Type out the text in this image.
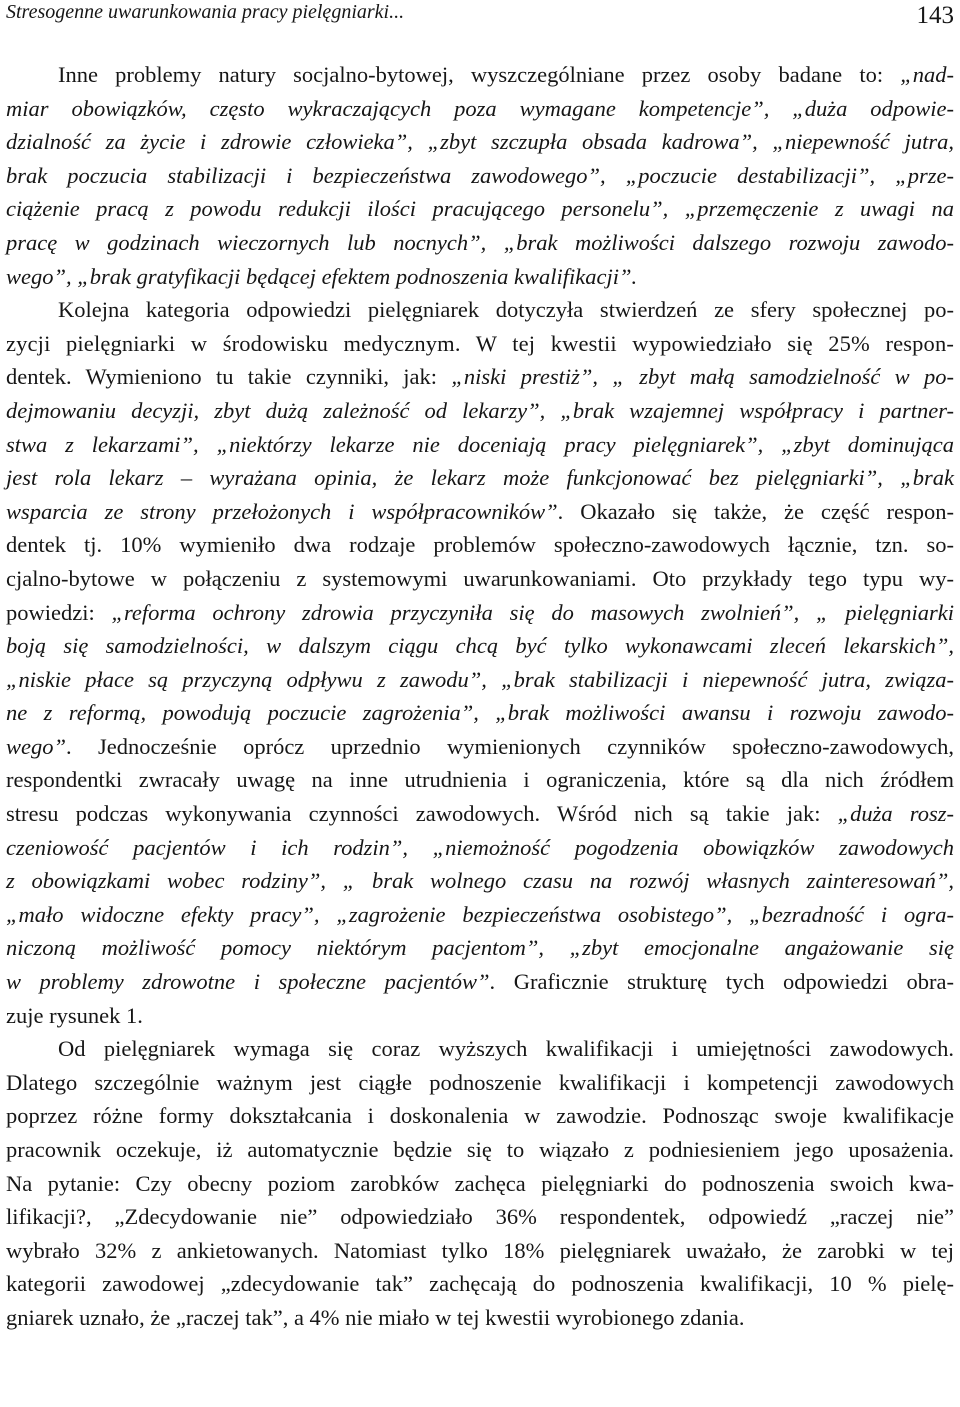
Stresogenne uwarunkowania pracy pielęgniarki...	143
Inne problemy natury socjalno-bytowej, wyszczególniane przez osoby badane to: „nad-
miar obowiązków, często wykraczających poza wymagane kompetencje”, „duża odpowie-
dzialność za życie i zdrowie człowieka”, „zbyt szczupła obsada kadrowa”, „niepewność jutra,
brak poczucia stabilizacji i bezpieczeństwa zawodowego”, „poczucie destabilizacji”, „prze-
ciążenie pracą z powodu redukcji ilości pracującego personelu”, „przemęczenie z uwagi na
pracę w godzinach wieczornych lub nocnych”, „brak możliwości dalszego rozwoju zawodo-
wego”, „brak gratyfikacji będącej efektem podnoszenia kwalifikacji”.
Kolejna kategoria odpowiedzi pielęgniarek dotyczyła stwierdzeń ze sfery społecznej po-
zycji pielęgniarki w środowisku medycznym. W tej kwestii wypowiedziało się 25% respon-
dentek. Wymieniono tu takie czynniki, jak: „niski prestiż”, „ zbyt małą samodzielność w po-
dejmowaniu decyzji, zbyt dużą zależność od lekarzy”, „brak wzajemnej współpracy i partner-
stwa z lekarzami”, „niektórzy lekarze nie doceniają pracy pielęgniarek”, „zbyt dominująca
jest rola lekarz – wyrażana opinia, że lekarz może funkcjonować bez pielęgniarki”, „brak
wsparcia ze strony przełożonych i współpracowników”. Okazało się także, że część respon-
dentek tj. 10% wymieniło dwa rodzaje problemów społeczno-zawodowych łącznie, tzn. so-
cjalno-bytowe w połączeniu z systemowymi uwarunkowaniami. Oto przykłady tego typu wy-
powiedzi: „reforma ochrony zdrowia przyczyniła się do masowych zwolnień”, „ pielęgniarki
boją się samodzielności, w dalszym ciągu chcą być tylko wykonawcami zleceń lekarskich”,
„niskie płace są przyczyną odpływu z zawodu”, „brak stabilizacji i niepewność jutra, związa-
ne z reformą, powodują poczucie zagrożenia”, „brak możliwości awansu i rozwoju zawodo-
wego”. Jednocześnie oprócz uprzednio wymienionych czynników społeczno-zawodowych,
respondentki zwracały uwagę na inne utrudnienia i ograniczenia, które są dla nich źródłem
stresu podczas wykonywania czynności zawodowych. Wśród nich są takie jak: „duża rosz-
czeniowość pacjentów i ich rodzin”, „niemożność pogodzenia obowiązków zawodowych
z obowiązkami wobec rodziny”, „ brak wolnego czasu na rozwój własnych zainteresowań”,
„mało widoczne efekty pracy”, „zagrożenie bezpieczeństwa osobistego”, „bezradność i ogra-
niczoną możliwość pomocy niektórym pacjentom”, „zbyt emocjonalne angażowanie się
w problemy zdrowotne i społeczne pacjentów”. Graficznie strukturę tych odpowiedzi obra-
zuje rysunek 1.
Od pielęgniarek wymaga się coraz wyższych kwalifikacji i umiejętności zawodowych.
Dlatego szczególnie ważnym jest ciągłe podnoszenie kwalifikacji i kompetencji zawodowych
poprzez różne formy dokształcania i doskonalenia w zawodzie. Podnosząc swoje kwalifikacje
pracownik oczekuje, iż automatycznie będzie się to wiązało z podniesieniem jego uposażenia.
Na pytanie: Czy obecny poziom zarobków zachęca pielęgniarki do podnoszenia swoich kwa-
lifikacji?, „Zdecydowanie nie” odpowiedziało 36% respondentek, odpowiedź „raczej nie”
wybrało 32% z ankietowanych. Natomiast tylko 18% pielęgniarek uważało, że zarobki w tej
kategorii zawodowej „zdecydowanie tak” zachęcają do podnoszenia kwalifikacji, 10 % pielę-
gniarek uznało, że „raczej tak”, a 4% nie miało w tej kwestii wyrobionego zdania.
